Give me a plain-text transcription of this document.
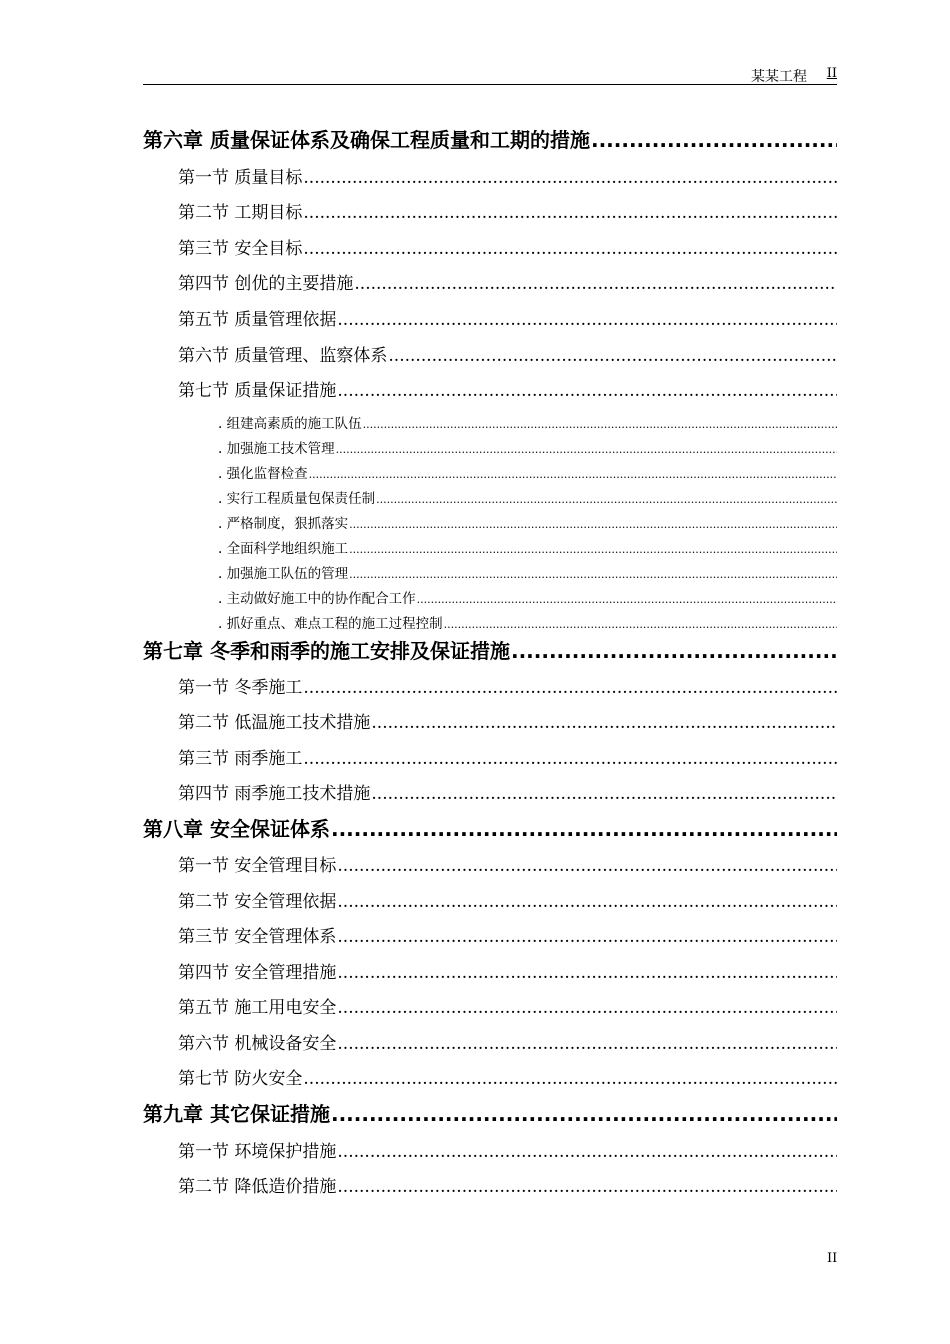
某某工程 II
第六章 质量保证体系及确保工程质量和工期的措施
.....
第一节 质量目标
.....
第二节 工期目标
.....
第三节 安全目标
.....
第四节 创优的主要措施
.....
第五节 质量管理依据
.....
第六节 质量管理、监察体系
.....
第七节 质量保证措施
.....
. 组建高素质的施工队伍
.....
. 加强施工技术管理
.....
. 强化监督检查
.....
. 实行工程质量包保责任制
.....
. 严格制度，狠抓落实
.....
. 全面科学地组织施工
.....
. 加强施工队伍的管理
.....
. 主动做好施工中的协作配合工作
.....
. 抓好重点、难点工程的施工过程控制
.....
第七章 冬季和雨季的施工安排及保证措施
.....
第一节 冬季施工
.....
第二节 低温施工技术措施
.....
第三节 雨季施工
.....
第四节 雨季施工技术措施
.....
第八章 安全保证体系
.....
第一节 安全管理目标
.....
第二节 安全管理依据
.....
第三节 安全管理体系
.....
第四节 安全管理措施
.....
第五节 施工用电安全
.....
第六节 机械设备安全
.....
第七节 防火安全
.....
第九章 其它保证措施
.....
第一节 环境保护措施
.....
第二节 降低造价措施
.....
II
